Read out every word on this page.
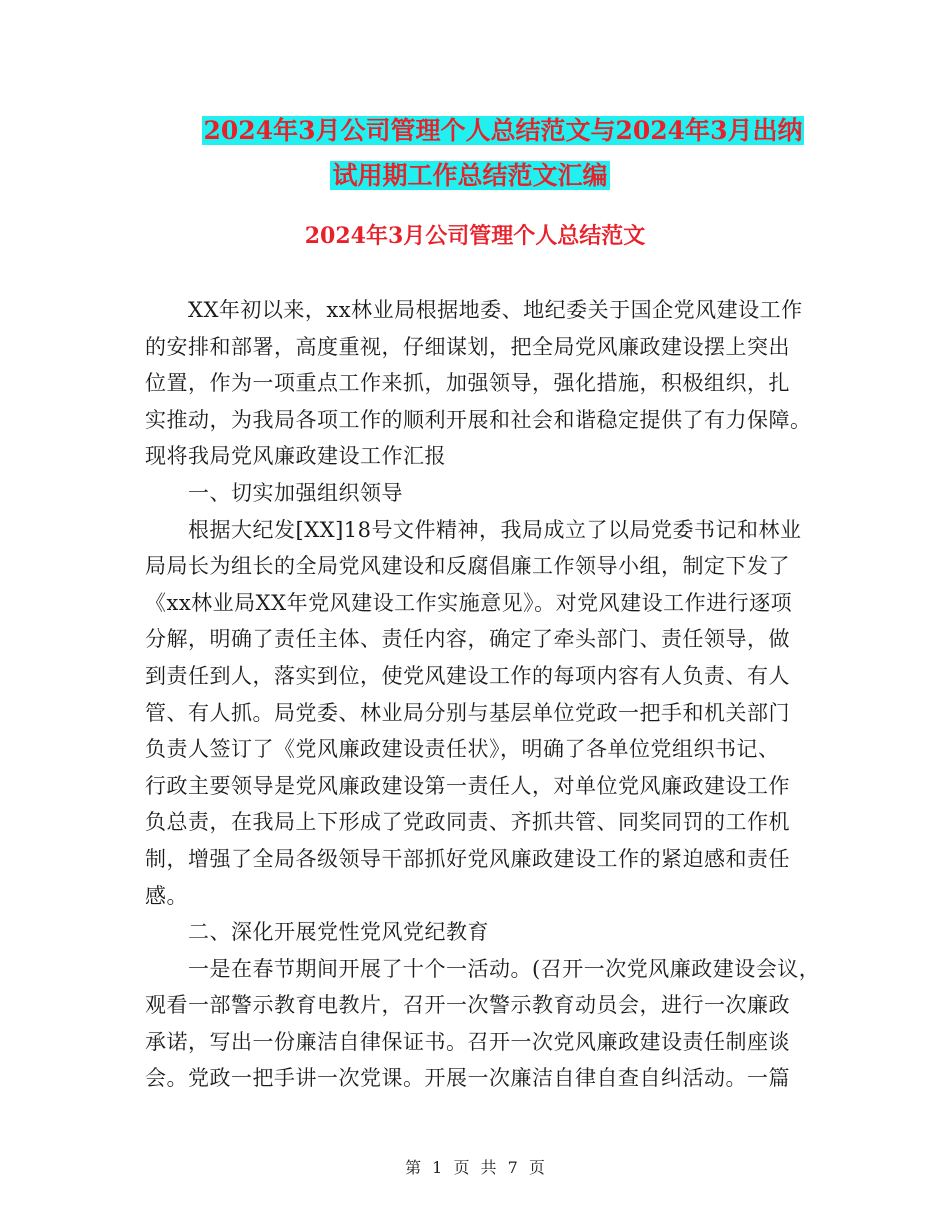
2024年3月公司管理个人总结范文与2024年3月出纳
试用期工作总结范文汇编
2024年3月公司管理个人总结范文
XX年初以来，xx林业局根据地委、地纪委关于国企党风建设工作
的安排和部署，高度重视，仔细谋划，把全局党风廉政建设摆上突出
位置，作为一项重点工作来抓，加强领导，强化措施，积极组织，扎
实推动，为我局各项工作的顺利开展和社会和谐稳定提供了有力保障。
现将我局党风廉政建设工作汇报
一、切实加强组织领导
根据大纪发[XX]18号文件精神，我局成立了以局党委书记和林业
局局长为组长的全局党风建设和反腐倡廉工作领导小组，制定下发了
《xx林业局XX年党风建设工作实施意见》。对党风建设工作进行逐项
分解，明确了责任主体、责任内容，确定了牵头部门、责任领导，做
到责任到人，落实到位，使党风建设工作的每项内容有人负责、有人
管、有人抓。局党委、林业局分别与基层单位党政一把手和机关部门
负责人签订了《党风廉政建设责任状》，明确了各单位党组织书记、
行政主要领导是党风廉政建设第一责任人，对单位党风廉政建设工作
负总责，在我局上下形成了党政同责、齐抓共管、同奖同罚的工作机
制，增强了全局各级领导干部抓好党风廉政建设工作的紧迫感和责任
感。
二、深化开展党性党风党纪教育
一是在春节期间开展了十个一活动。(召开一次党风廉政建设会议，
观看一部警示教育电教片，召开一次警示教育动员会，进行一次廉政
承诺，写出一份廉洁自律保证书。召开一次党风廉政建设责任制座谈
会。党政一把手讲一次党课。开展一次廉洁自律自查自纠活动。一篇
第 1 页 共 7 页
